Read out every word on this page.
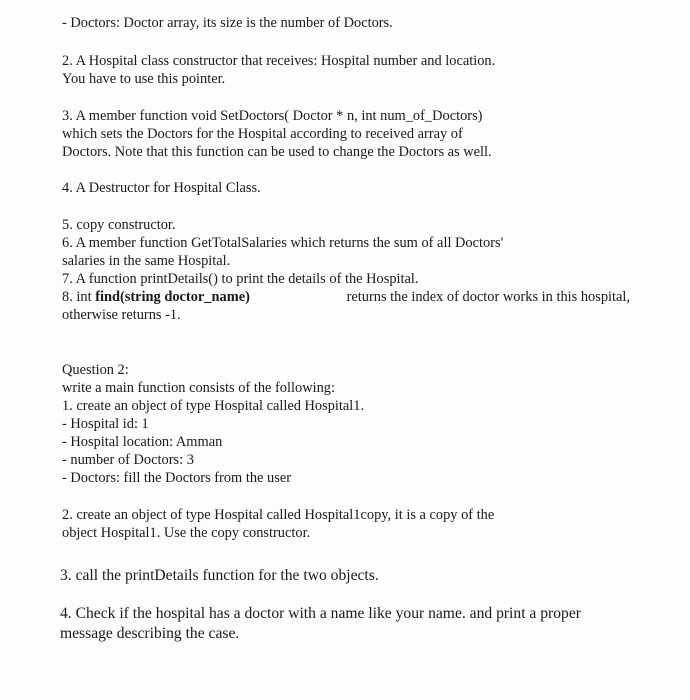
- Doctors: Doctor array, its size is the number of Doctors.
2. A Hospital class constructor that receives: Hospital number and location.
You have to use this pointer.
3. A member function void SetDoctors( Doctor * n, int num_of_Doctors)
which sets the Doctors for the Hospital according to received array of
Doctors. Note that this function can be used to change the Doctors as well.
4. A Destructor for Hospital Class.
5. copy constructor.
6. A member function GetTotalSalaries which returns the sum of all Doctors'
salaries in the same Hospital.
7. A function printDetails() to print the details of the Hospital.
8. int find(string doctor_name)	returns the index of doctor works in this hospital,
otherwise returns -1.
Question 2:
write a main function consists of the following:
1. create an object of type Hospital called Hospital1.
- Hospital id: 1
- Hospital location: Amman
- number of Doctors: 3
- Doctors: fill the Doctors from the user
2. create an object of type Hospital called Hospital1copy, it is a copy of the
object Hospital1. Use the copy constructor.
3. call the printDetails function for the two objects.
4. Check if the hospital has a doctor with a name like your name. and print a proper
message describing the case.
